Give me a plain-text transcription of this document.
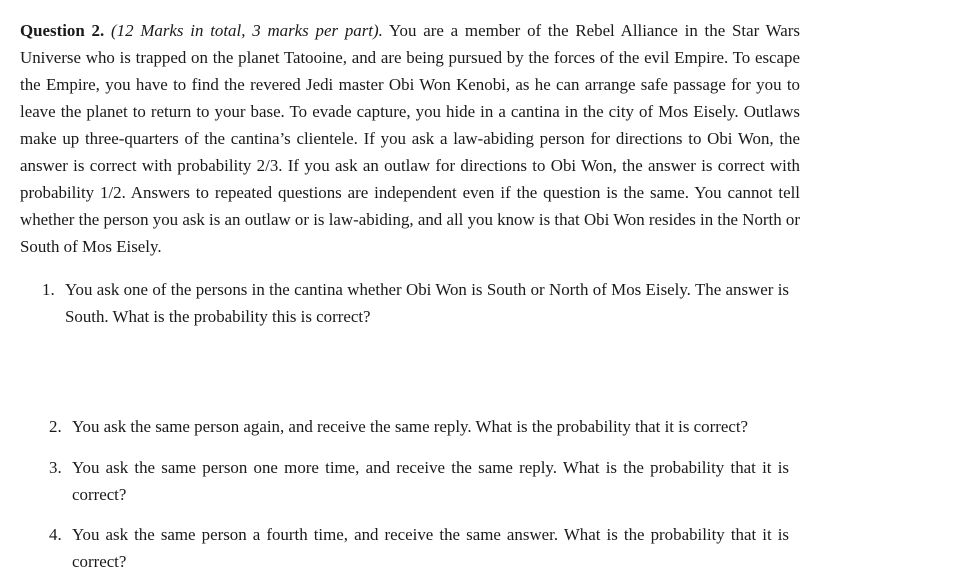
Question 2. (12 Marks in total, 3 marks per part). You are a member of the Rebel Alliance in the Star Wars Universe who is trapped on the planet Tatooine, and are being pursued by the forces of the evil Empire. To escape the Empire, you have to find the revered Jedi master Obi Won Kenobi, as he can arrange safe passage for you to leave the planet to return to your base. To evade capture, you hide in a cantina in the city of Mos Eisely. Outlaws make up three-quarters of the cantina’s clientele. If you ask a law-abiding person for directions to Obi Won, the answer is correct with probability 2/3. If you ask an outlaw for directions to Obi Won, the answer is correct with probability 1/2. Answers to repeated questions are independent even if the question is the same. You cannot tell whether the person you ask is an outlaw or is law-abiding, and all you know is that Obi Won resides in the North or South of Mos Eisely.

1. You ask one of the persons in the cantina whether Obi Won is South or North of Mos Eisely. The answer is South. What is the probability this is correct?
2. You ask the same person again, and receive the same reply. What is the probability that it is correct?
3. You ask the same person one more time, and receive the same reply. What is the probability that it is correct?
4. You ask the same person a fourth time, and receive the same answer. What is the probability that it is correct?
